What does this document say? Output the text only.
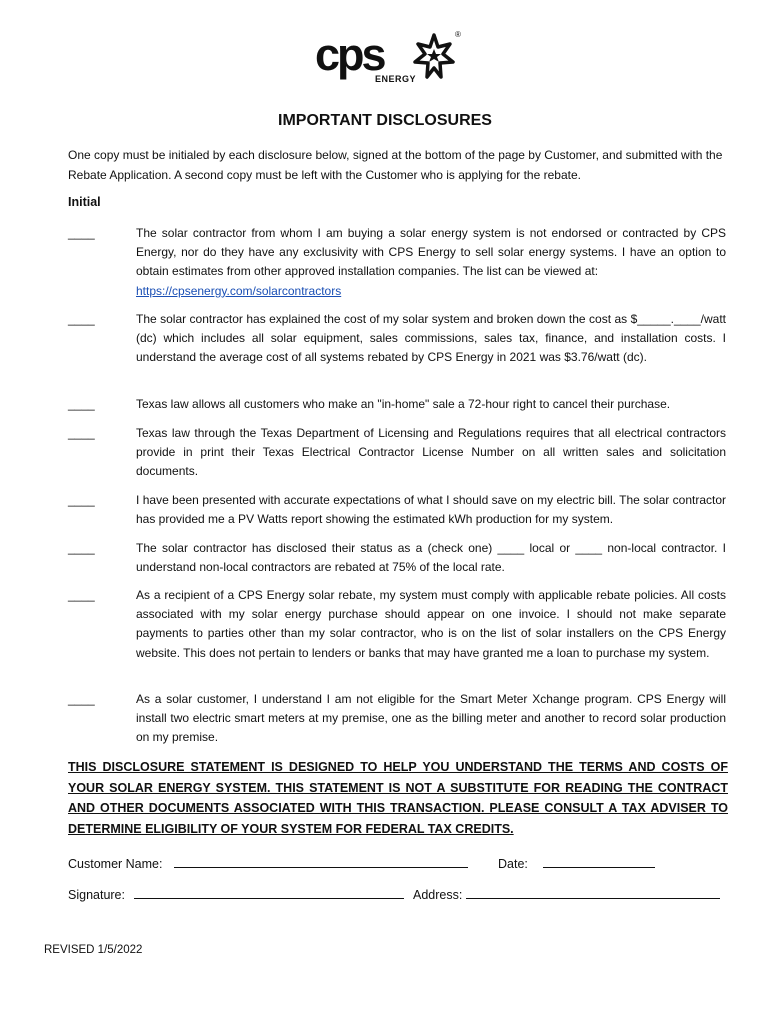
cps
ENERGY
®
IMPORTANT DISCLOSURES
One copy must be initialed by each disclosure below, signed at the bottom of the page by Customer, and submitted with the Rebate Application. A second copy must be left with the Customer who is applying for the rebate.
Initial
____	The solar contractor from whom I am buying a solar energy system is not endorsed or contracted by CPS Energy, nor do they have any exclusivity with CPS Energy to sell solar energy systems. I have an option to obtain estimates from other approved installation companies. The list can be viewed at:
https://cpsenergy.com/solarcontractors
____	The solar contractor has explained the cost of my solar system and broken down the cost as $_____.____/watt (dc) which includes all solar equipment, sales commissions, sales tax, finance, and installation costs. I understand the average cost of all systems rebated by CPS Energy in 2021 was $3.76/watt (dc).
____	Texas law allows all customers who make an "in-home" sale a 72-hour right to cancel their purchase.
____	Texas law through the Texas Department of Licensing and Regulations requires that all electrical contractors provide in print their Texas Electrical Contractor License Number on all written sales and solicitation documents.
____	I have been presented with accurate expectations of what I should save on my electric bill. The solar contractor has provided me a PV Watts report showing the estimated kWh production for my system.
____	The solar contractor has disclosed their status as a (check one) ____ local or ____ non-local contractor. I understand non-local contractors are rebated at 75% of the local rate.
____	As a recipient of a CPS Energy solar rebate, my system must comply with applicable rebate policies. All costs associated with my solar energy purchase should appear on one invoice. I should not make separate payments to parties other than my solar contractor, who is on the list of solar installers on the CPS Energy website. This does not pertain to lenders or banks that may have granted me a loan to purchase my system.
____	As a solar customer, I understand I am not eligible for the Smart Meter Xchange program. CPS Energy will install two electric smart meters at my premise, one as the billing meter and another to record solar production on my premise.
THIS DISCLOSURE STATEMENT IS DESIGNED TO HELP YOU UNDERSTAND THE TERMS AND COSTS OF YOUR SOLAR ENERGY SYSTEM. THIS STATEMENT IS NOT A SUBSTITUTE FOR READING THE CONTRACT AND OTHER DOCUMENTS ASSOCIATED WITH THIS TRANSACTION. PLEASE CONSULT A TAX ADVISER TO DETERMINE ELIGIBILITY OF YOUR SYSTEM FOR FEDERAL TAX CREDITS.
Customer Name:	Date:
Signature:	Address:
REVISED 1/5/2022
